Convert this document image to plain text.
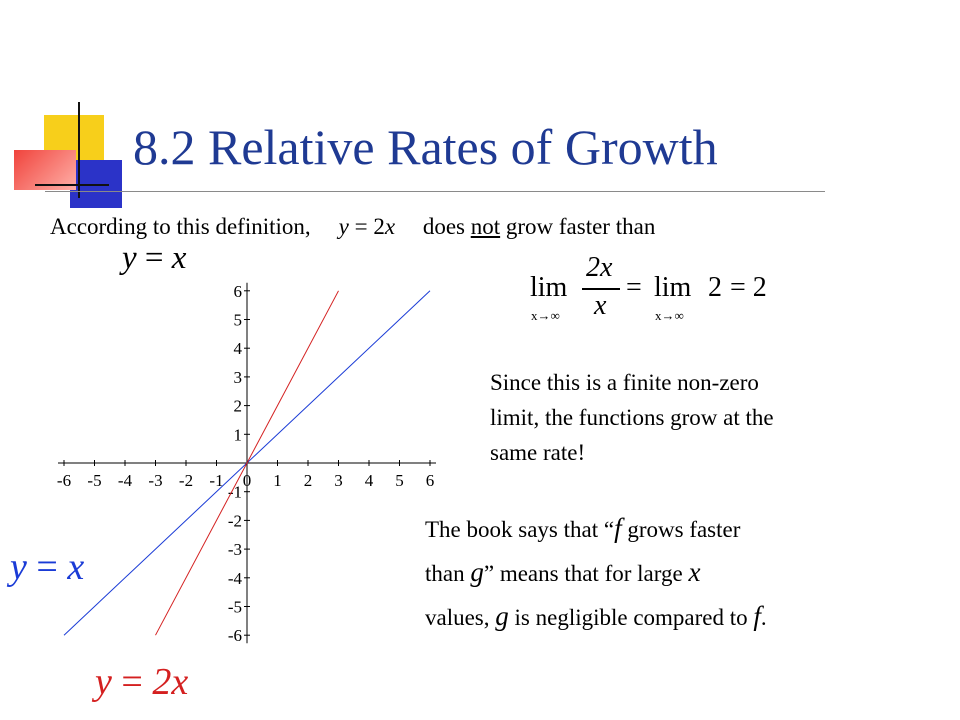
8.2 Relative Rates of Growth
According to this definition, y = 2x does not grow faster than
y = x
lim
x→∞
2x
x
= lim
x→∞
2 = 2
Since this is a finite non-zero
limit, the functions grow at the
same rate!
The book says that “f grows faster
than g” means that for large x
values, g is negligible compared to f.
y = x
y = 2x
-6 -5 -4 -3 -2 -1 0 1 2 3 4 5 6
6
5
4
3
2
1
-1
-2
-3
-4
-5
-6
